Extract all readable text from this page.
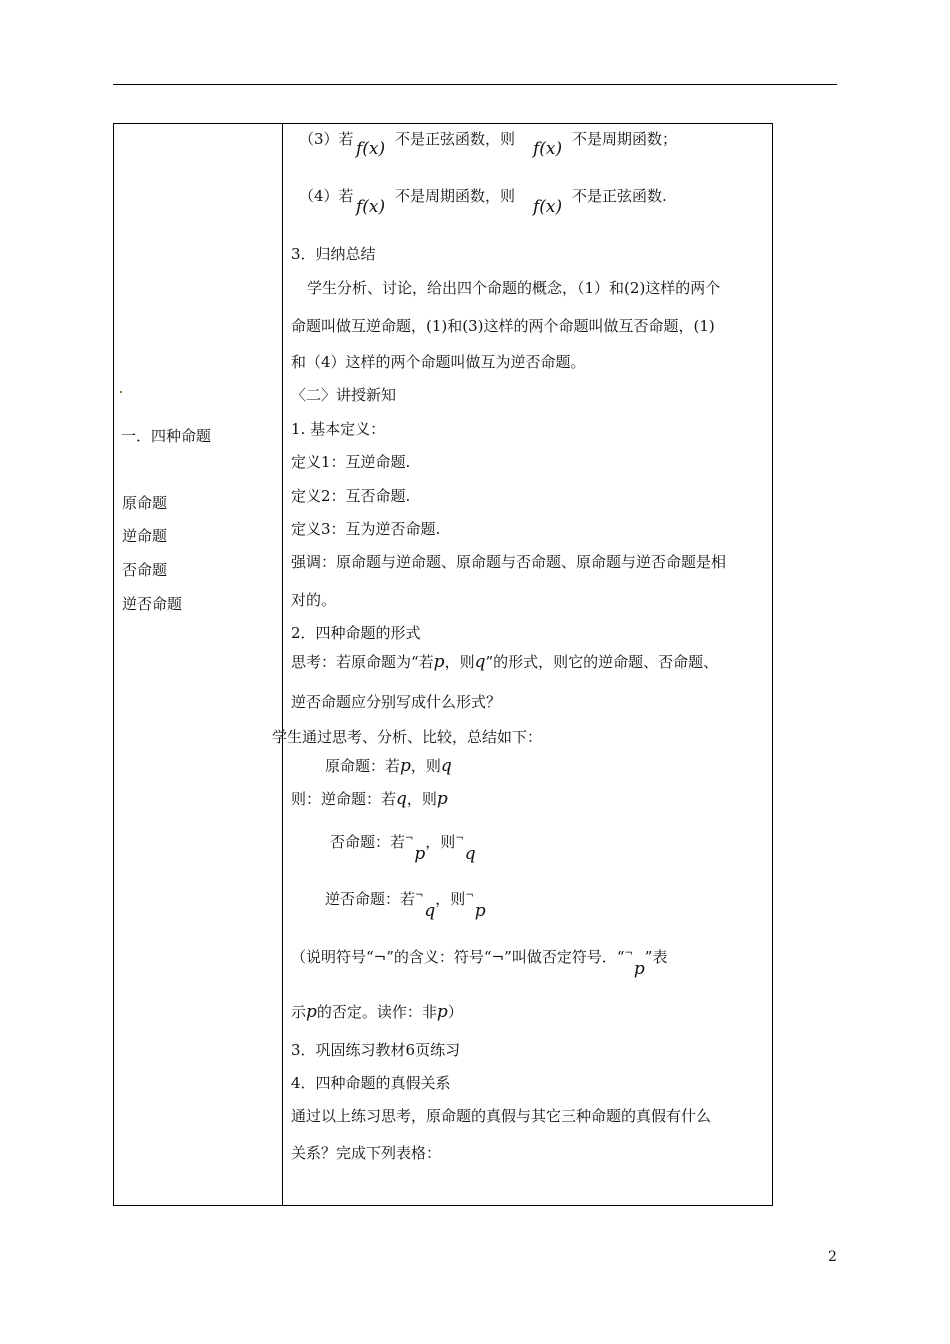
一．四种命题
原命题
逆命题
否命题
逆否命题
（3）若 f(x) 不是正弦函数，则 f(x) 不是周期函数；
（4）若
f(x)
不是周期函数，则
f(x)
不是正弦函数.
3．归纳总结
学生分析、讨论，给出四个命题的概念，（1）和(2)这样的两个
命题叫做互逆命题，(1)和(3)这样的两个命题叫做互否命题，(1)
和（4）这样的两个命题叫做互为逆否命题。
〈二〉讲授新知
1. 基本定义：
定义1：互逆命题.
定义2：互否命题.
定义3：互为逆否命题.
强调：原命题与逆命题、原命题与否命题、原命题与逆否命题是相
对的。
2．四种命题的形式
思考：若原命题为“若p，则q”的形式，则它的逆命题、否命题、
逆否命题应分别写成什么形式？
学生通过思考、分析、比较，总结如下：
原命题：若p，则q
则：逆命题：若q，则p
否命题：若¬p，则¬q
逆否命题：若¬q，则¬p
（说明符号“¬”的含义：符号“¬”叫做否定符号．“¬p”表
示p的否定。读作：非p）
3．巩固练习教材6页练习
4．四种命题的真假关系
通过以上练习思考，原命题的真假与其它三种命题的真假有什么
关系？完成下列表格：
2
